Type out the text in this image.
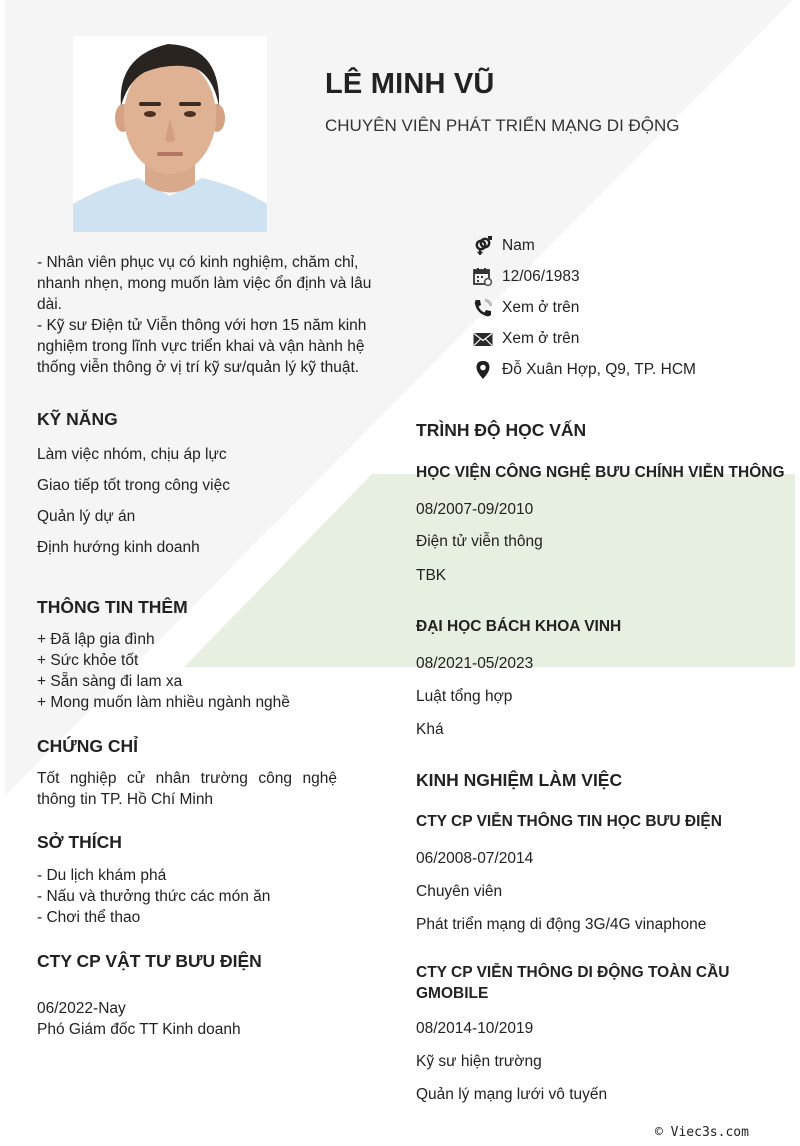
LÊ MINH VŨ
CHUYÊN VIÊN PHÁT TRIỂN MẠNG DI ĐỘNG
- Nhân viên phục vụ có kinh nghiệm, chăm chỉ, nhanh nhẹn, mong muốn làm việc ổn định và lâu dài.
- Kỹ sư Điện tử Viễn thông với hơn 15 năm kinh nghiệm trong lĩnh vực triển khai và vận hành hệ thống viễn thông ở vị trí kỹ sư/quản lý kỹ thuật.
Nam
12/06/1983
Xem ở trên
Xem ở trên
Đỗ Xuân Hợp, Q9, TP. HCM
KỸ NĂNG
Làm việc nhóm, chịu áp lực
Giao tiếp tốt trong công việc
Quản lý dự án
Định hướng kinh doanh
THÔNG TIN THÊM
+ Đã lập gia đình
+ Sức khỏe tốt
+ Sẵn sàng đi lam xa
+ Mong muốn làm nhiều ngành nghề
CHỨNG CHỈ
Tốt nghiệp cử nhân trường công nghệ thông tin TP. Hồ Chí Minh
SỞ THÍCH
- Du lịch khám phá
- Nấu và thưởng thức các món ăn
- Chơi thể thao
CTY CP VẬT TƯ BƯU ĐIỆN
06/2022-Nay
Phó Giám đốc TT Kinh doanh
TRÌNH ĐỘ HỌC VẤN
HỌC VIỆN CÔNG NGHỆ BƯU CHÍNH VIỄN THÔNG
08/2007-09/2010
Điện tử viễn thông
TBK
ĐẠI HỌC BÁCH KHOA VINH
08/2021-05/2023
Luật tổng hợp
Khá
KINH NGHIỆM LÀM VIỆC
CTY CP VIỄN THÔNG TIN HỌC BƯU ĐIỆN
06/2008-07/2014
Chuyên viên
Phát triển mạng di động 3G/4G vinaphone
CTY CP VIỄN THÔNG DI ĐỘNG TOÀN CẦU
GMOBILE
08/2014-10/2019
Kỹ sư hiện trường
Quản lý mạng lưới vô tuyến
© Viec3s.com
